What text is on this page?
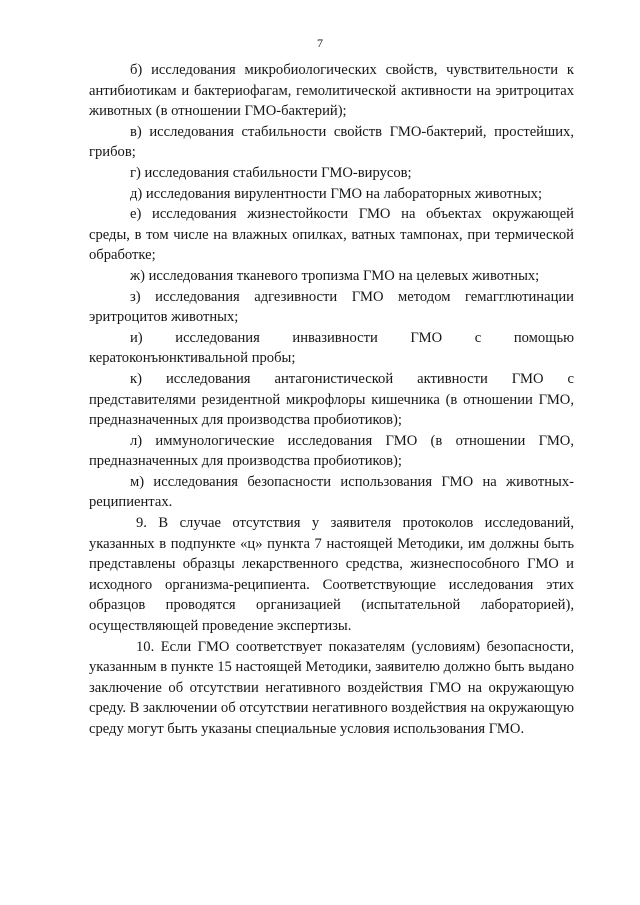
7

б) исследования микробиологических свойств, чувствительности к антибиотикам и бактериофагам, гемолитической активности на эритроцитах животных (в отношении ГМО-бактерий);

в) исследования стабильности свойств ГМО-бактерий, простейших, грибов;

г) исследования стабильности ГМО-вирусов;

д) исследования вирулентности ГМО на лабораторных животных;

е) исследования жизнестойкости ГМО на объектах окружающей среды, в том числе на влажных опилках, ватных тампонах, при термической обработке;

ж) исследования тканевого тропизма ГМО на целевых животных;

з) исследования адгезивности ГМО методом гемагглютинации эритроцитов животных;

и) исследования инвазивности ГМО с помощью кератоконъюнктивальной пробы;

к) исследования антагонистической активности ГМО с представителями резидентной микрофлоры кишечника (в отношении ГМО, предназначенных для производства пробиотиков);

л) иммунологические исследования ГМО (в отношении ГМО, предназначенных для производства пробиотиков);

м) исследования безопасности использования ГМО на животных-реципиентах.

9. В случае отсутствия у заявителя протоколов исследований, указанных в подпункте «ц» пункта 7 настоящей Методики, им должны быть представлены образцы лекарственного средства, жизнеспособного ГМО и исходного организма-реципиента. Соответствующие исследования этих образцов проводятся организацией (испытательной лабораторией), осуществляющей проведение экспертизы.

10. Если ГМО соответствует показателям (условиям) безопасности, указанным в пункте 15 настоящей Методики, заявителю должно быть выдано заключение об отсутствии негативного воздействия ГМО на окружающую среду. В заключении об отсутствии негативного воздействия на окружающую среду могут быть указаны специальные условия использования ГМО.
